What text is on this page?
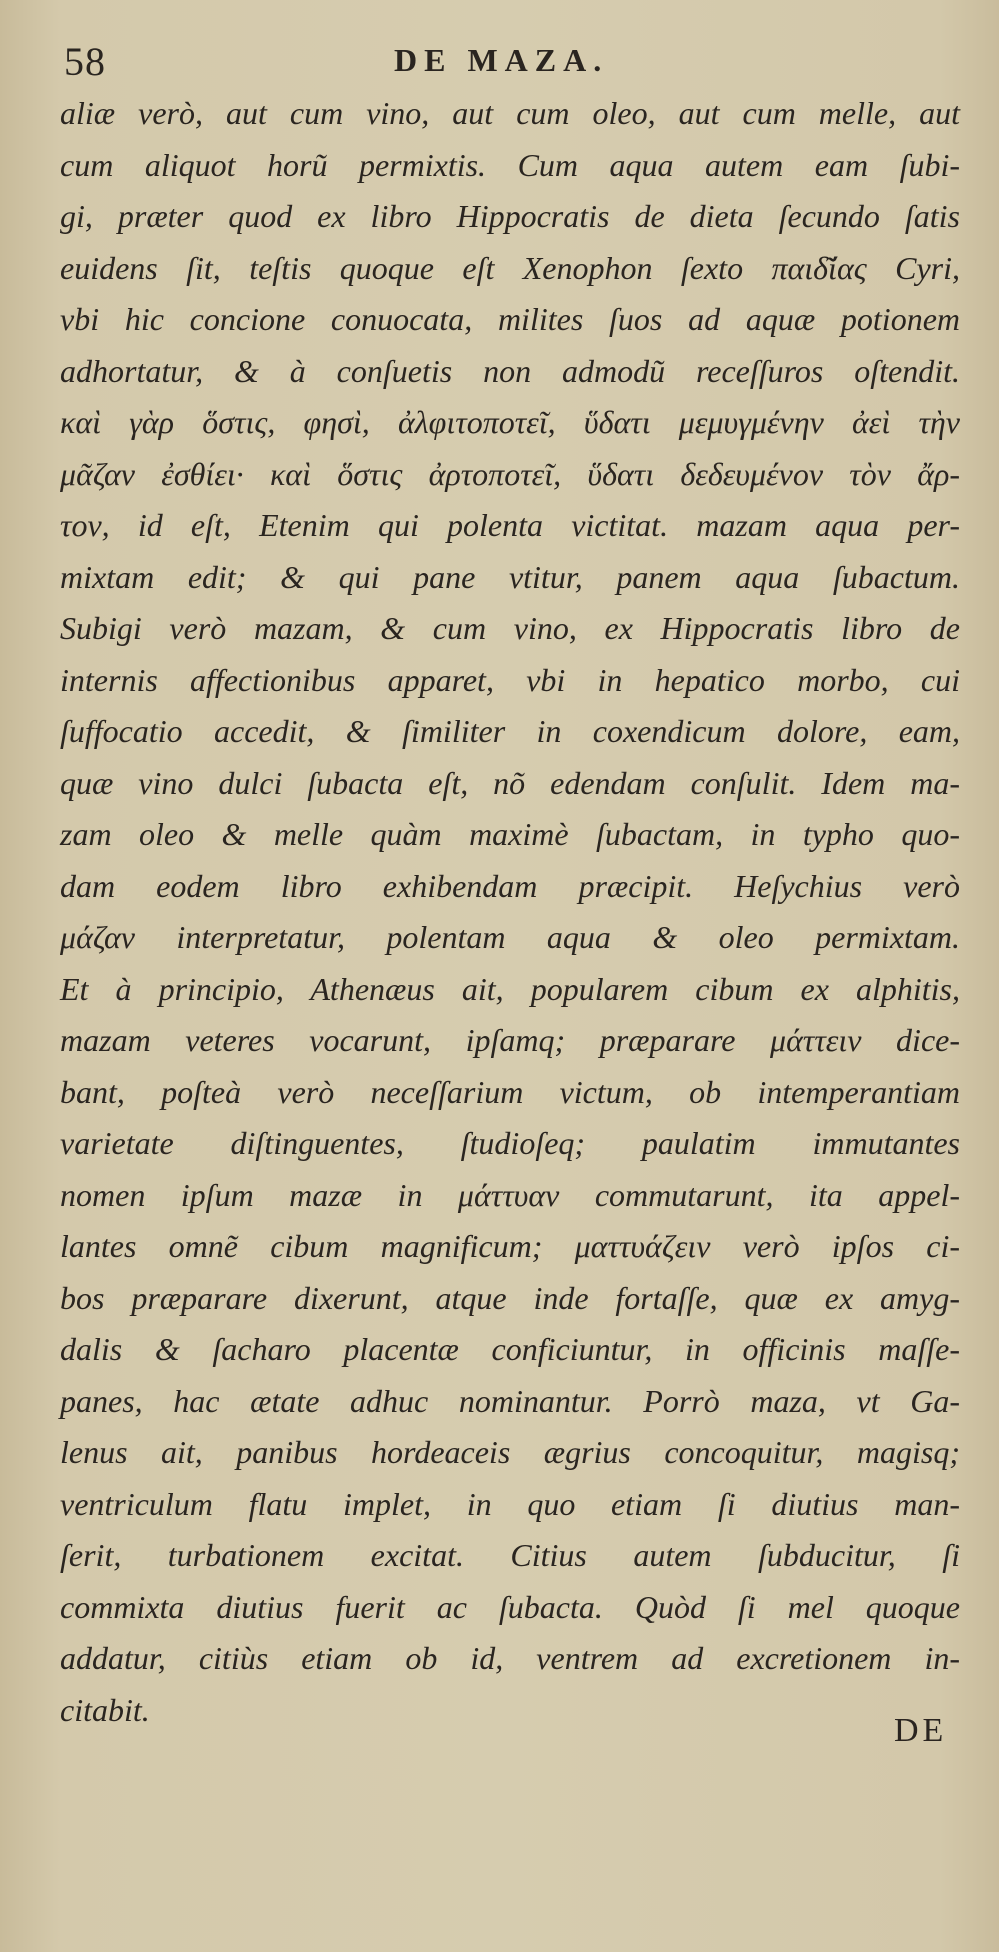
58	DE MAZA.
aliæ verò, aut cum vino, aut cum oleo, aut cum melle, aut
cum aliquot horũ permixtis. Cum aqua autem eam ſubi-
gi, præter quod ex libro Hippocratis de dieta ſecundo ſatis
euidens ſit, teſtis quoque eſt Xenophon ſexto παιδ͂ίας Cyri,
vbi hic concione conuocata, milites ſuos ad aquæ potionem
adhortatur, & à conſuetis non admodũ receſſuros oſtendit.
καὶ γὰρ ὅστις, φησὶ, ἀλφιτοποτεῖ, ὕδατι μεμυγμένην ἀεὶ τὴν
μᾶζαν ἐσθίει· καὶ ὅστις ἀρτοποτεῖ, ὕδατι δεδευμένον τὸν ἄρ-
τον, id eſt, Etenim qui polenta victitat. mazam aqua per-
mixtam edit; & qui pane vtitur, panem aqua ſubactum.
Subigi verò mazam, & cum vino, ex Hippocratis libro de
internis affectionibus apparet, vbi in hepatico morbo, cui
ſuffocatio accedit, & ſimiliter in coxendicum dolore, eam,
quæ vino dulci ſubacta eſt, nõ edendam conſulit. Idem ma-
zam oleo & melle quàm maximè ſubactam, in typho quo-
dam eodem libro exhibendam præcipit. Heſychius verò
μάζαν interpretatur, polentam aqua & oleo permixtam.
Et à principio, Athenæus ait, popularem cibum ex alphitis,
mazam veteres vocarunt, ipſamq; præparare μάττειν dice-
bant, poſteà verò neceſſarium victum, ob intemperantiam
varietate diſtinguentes, ſtudioſeq; paulatim immutantes
nomen ipſum mazæ in μάττυαν commutarunt, ita appel-
lantes omnẽ cibum magnificum; ματτυάζειν verò ipſos ci-
bos præparare dixerunt, atque inde fortaſſe, quæ ex amyg-
dalis & ſacharo placentæ conficiuntur, in officinis maſſe-
panes, hac ætate adhuc nominantur. Porrò maza, vt Ga-
lenus ait, panibus hordeaceis ægrius concoquitur, magisq;
ventriculum flatu implet, in quo etiam ſi diutius man-
ſerit, turbationem excitat. Citius autem ſubducitur, ſi
commixta diutius fuerit ac ſubacta. Quòd ſi mel quoque
addatur, citiùs etiam ob id, ventrem ad excretionem in-
citabit.
DE
